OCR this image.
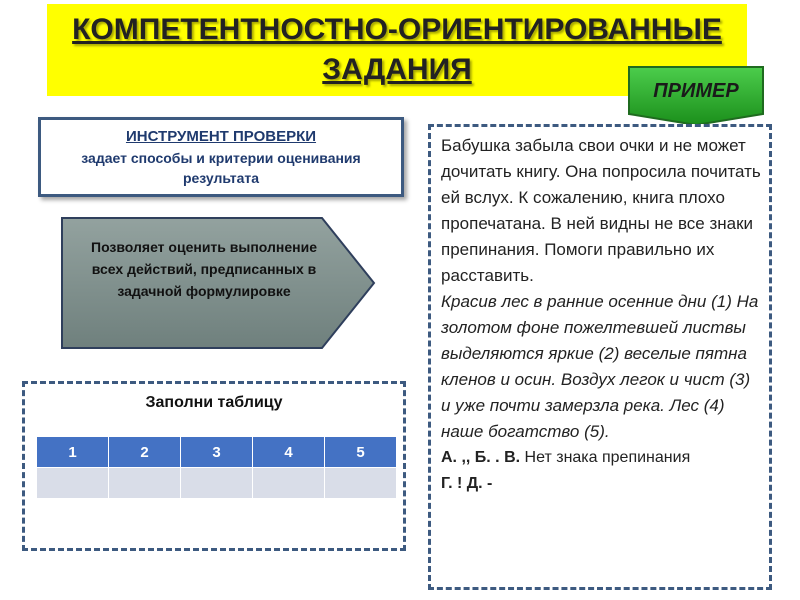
КОМПЕТЕНТНОСТНО-ОРИЕНТИРОВАННЫЕ
ЗАДАНИЯ
ПРИМЕР
ИНСТРУМЕНТ ПРОВЕРКИ
задает способы и критерии оценивания результата
Позволяет оценить выполнение всех действий, предписанных в задачной формулировке
Заполни таблицу
1	2	3	4	5

Бабушка забыла свои очки и не может дочитать книгу. Она попросила почитать ей вслух. К сожалению, книга плохо пропечатана. В ней видны не все знаки препинания. Помоги правильно их расставить.

Красив лес в ранние осенние дни (1) На золотом фоне пожелтевшей листвы выделяются яркие (2) веселые пятна кленов и осин. Воздух легок и чист (3) и уже почти замерзла река. Лес (4) наше богатство (5).

А. ,, Б. . В. Нет знака препинания

Г. ! Д. -
